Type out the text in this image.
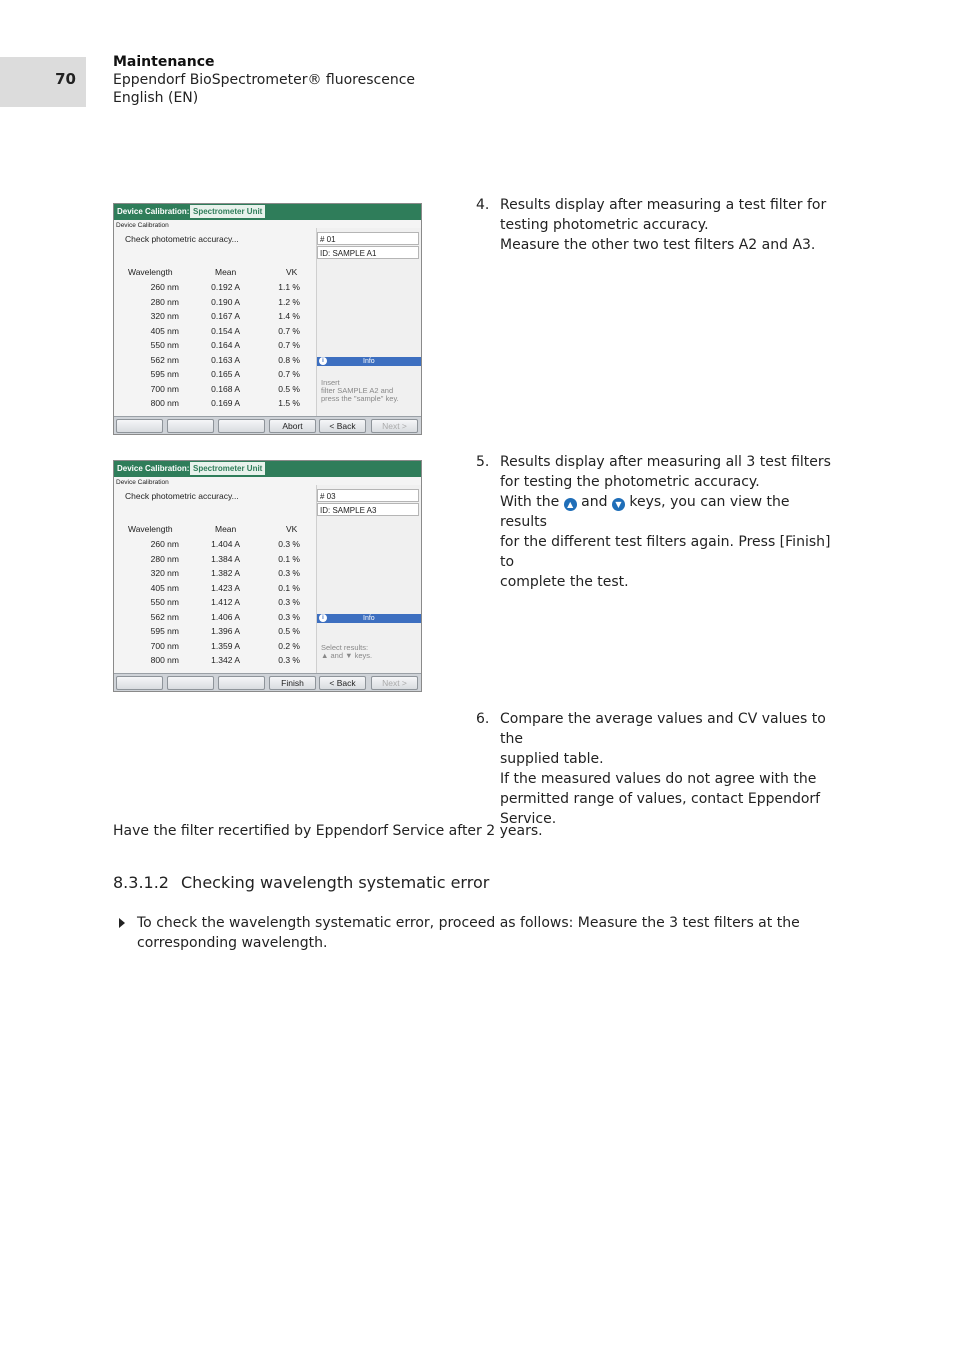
70
Maintenance
Eppendorf BioSpectrometer® fluorescence
English (EN)
Device Calibration: Spectrometer Unit
Device Calibration
Check photometric accuracy...	# 01
ID: SAMPLE A1
Wavelength	Mean	VK
260 nm	0.192 A	1.1 %
280 nm	0.190 A	1.2 %
320 nm	0.167 A	1.4 %
405 nm	0.154 A	0.7 %
550 nm	0.164 A	0.7 %
562 nm	0.163 A	0.8 %
595 nm	0.165 A	0.7 %
700 nm	0.168 A	0.5 %
800 nm	0.169 A	1.5 %
i	Info
Insert
filter SAMPLE A2 and
press the "sample" key.
Abort	< Back	Next >
Device Calibration: Spectrometer Unit
Device Calibration
Check photometric accuracy...	# 03
ID: SAMPLE A3
Wavelength	Mean	VK
260 nm	1.404 A	0.3 %
280 nm	1.384 A	0.1 %
320 nm	1.382 A	0.3 %
405 nm	1.423 A	0.1 %
550 nm	1.412 A	0.3 %
562 nm	1.406 A	0.3 %
595 nm	1.396 A	0.5 %
700 nm	1.359 A	0.2 %
800 nm	1.342 A	0.3 %
i	Info
Select results:
▲ and ▼ keys.
Finish	< Back	Next >
4. Results display after measuring a test filter for
testing photometric accuracy.
Measure the other two test filters A2 and A3.
5. Results display after measuring all 3 test filters
for testing the photometric accuracy.
With the ▲ and ▼ keys, you can view the results
for the different test filters again. Press [Finish] to
complete the test.
6. Compare the average values and CV values to the
supplied table.
If the measured values do not agree with the
permitted range of values, contact Eppendorf
Service.
Have the filter recertified by Eppendorf Service after 2 years.
8.3.1.2 Checking wavelength systematic error
To check the wavelength systematic error, proceed as follows: Measure the 3 test filters at the
corresponding wavelength.
